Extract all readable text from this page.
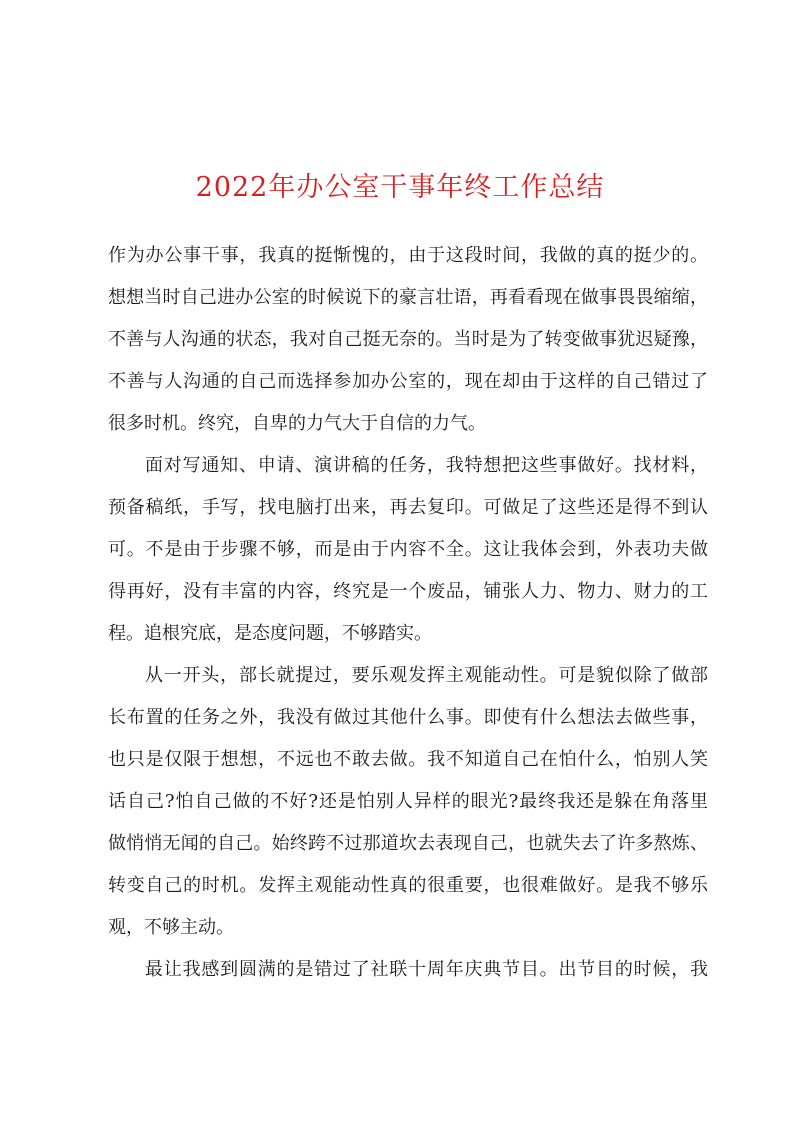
2022年办公室干事年终工作总结
作为办公事干事，我真的挺惭愧的，由于这段时间，我做的真的挺少的。
想想当时自己进办公室的时候说下的豪言壮语，再看看现在做事畏畏缩缩，
不善与人沟通的状态，我对自己挺无奈的。当时是为了转变做事犹迟疑豫，
不善与人沟通的自己而选择参加办公室的，现在却由于这样的自己错过了
很多时机。终究，自卑的力气大于自信的力气。
面对写通知、申请、演讲稿的任务，我特想把这些事做好。找材料，
预备稿纸，手写，找电脑打出来，再去复印。可做足了这些还是得不到认
可。不是由于步骤不够，而是由于内容不全。这让我体会到，外表功夫做
得再好，没有丰富的内容，终究是一个废品，铺张人力、物力、财力的工
程。追根究底，是态度问题，不够踏实。
从一开头，部长就提过，要乐观发挥主观能动性。可是貌似除了做部
长布置的任务之外，我没有做过其他什么事。即使有什么想法去做些事，
也只是仅限于想想，不远也不敢去做。我不知道自己在怕什么，怕别人笑
话自己?怕自己做的不好?还是怕别人异样的眼光?最终我还是躲在角落里
做悄悄无闻的自己。始终跨不过那道坎去表现自己，也就失去了许多熬炼、
转变自己的时机。发挥主观能动性真的很重要，也很难做好。是我不够乐
观，不够主动。
最让我感到圆满的是错过了社联十周年庆典节目。出节目的时候，我
